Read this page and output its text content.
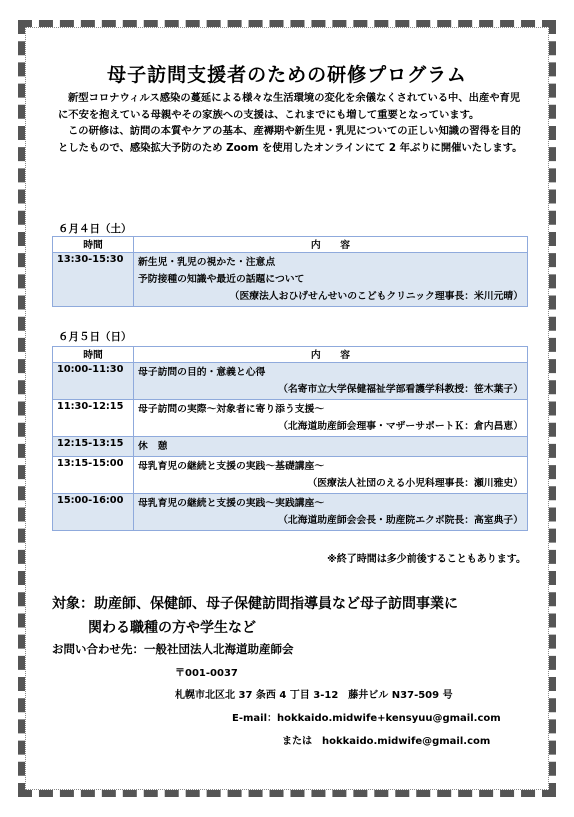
母子訪問支援者のための研修プログラム

新型コロナウィルス感染の蔓延による様々な生活環境の変化を余儀なくされている中、出産や育児に不安を抱えている母親やその家族への支援は、これまでにも増して重要となっています。

この研修は、訪問の本質やケアの基本、産褥期や新生児・乳児についての正しい知識の習得を目的としたもので、感染拡大予防のため Zoom を使用したオンラインにて 2 年ぶりに開催いたします。

６月４日（土）
時間	内　　容
13:30-15:30	新生児・乳児の視かた・注意点
予防接種の知識や最近の話題について
（医療法人おひげせんせいのこどもクリニック理事長：米川元晴）
６月５日（日）
時間	内　　容
10:00-11:30	母子訪問の目的・意義と心得
（名寄市立大学保健福祉学部看護学科教授：笹木葉子）

11:30-12:15	母子訪問の実際～対象者に寄り添う支援～
（北海道助産師会理事・マザーサポートＫ：倉内昌恵）

12:15-13:15	休　憩

13:15-15:00	母乳育児の継続と支援の実践～基礎講座～
（医療法人社団のえる小児科理事長：瀬川雅史）

15:00-16:00	母乳育児の継続と支援の実践～実践講座～
（北海道助産師会会長・助産院エクボ院長：高室典子）
※終了時間は多少前後することもあります。
対象：助産師、保健師、母子保健訪問指導員など母子訪問事業に
関わる職種の方や学生など
お問い合わせ先：一般社団法人北海道助産師会
〒001-0037
札幌市北区北 37 条西 4 丁目 3-12　藤井ビル N37-509 号
E-mail：hokkaido.midwife+kensyuu@gmail.com
または　hokkaido.midwife@gmail.com
